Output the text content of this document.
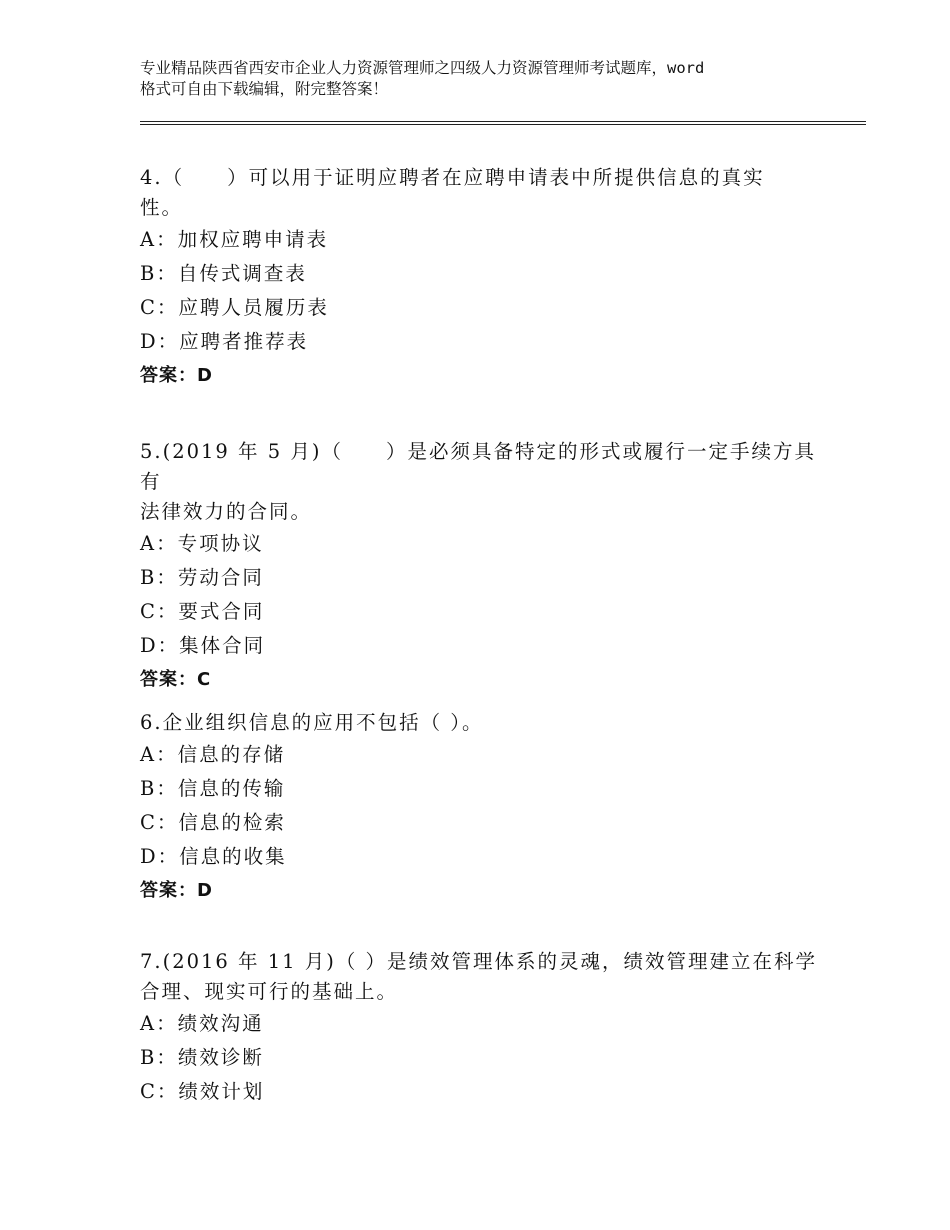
专业精品陕西省西安市企业人力资源管理师之四级人力资源管理师考试题库，word
格式可自由下载编辑，附完整答案！

4.（　　）可以用于证明应聘者在应聘申请表中所提供信息的真实
性。

A：加权应聘申请表
B：自传式调查表
C：应聘人员履历表
D：应聘者推荐表
答案：D

5.(2019 年 5 月)（　　）是必须具备特定的形式或履行一定手续方具有
法律效力的合同。

A：专项协议
B：劳动合同
C：要式合同
D：集体合同
答案：C

6.企业组织信息的应用不包括（ ）。

A：信息的存储
B：信息的传输
C：信息的检索
D：信息的收集
答案：D

7.(2016 年 11 月)（ ）是绩效管理体系的灵魂，绩效管理建立在科学
合理、现实可行的基础上。

A：绩效沟通
B：绩效诊断
C：绩效计划
